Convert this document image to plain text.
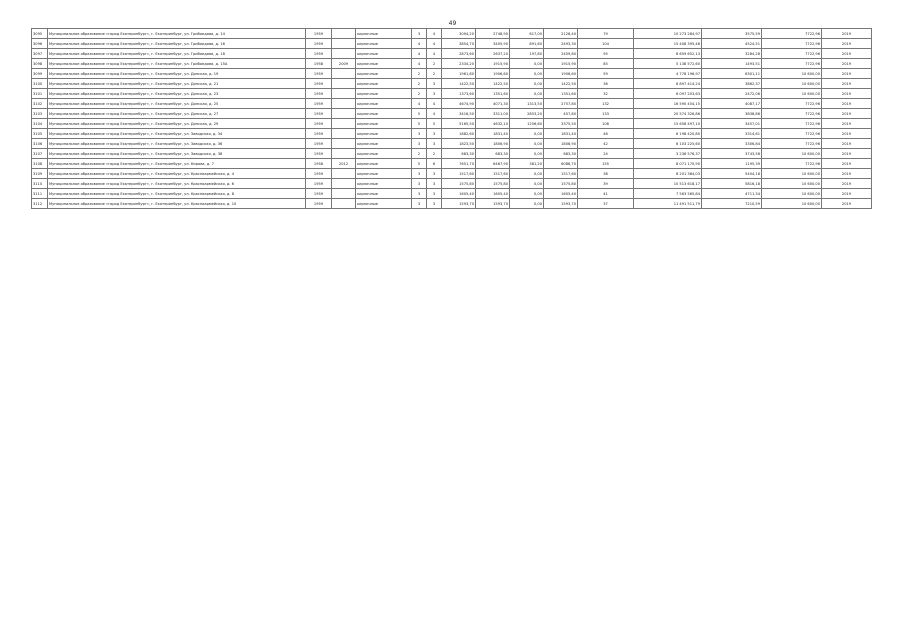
49
3095	Муниципальное образование «город Екатеринбург», г. Екатеринбург, ул. Грибоедова, д. 14	1959		кирпичные	3	4	3094,20	2748,90	617,00	2126,40	79	10 273 284,97	3575,59	7722,96	2019
3096	Муниципальное образование «город Екатеринбург», г. Екатеринбург, ул. Грибоедова, д. 16	1959		кирпичные	4	4	3854,70	3405,90	891,60	2493,30	104	15 408 395,46	4524,51	7722,96	2019
3097	Муниципальное образование «город Екатеринбург», г. Екатеринбург, ул. Грибоедова, д. 18	1959		кирпичные	4	4	2873,60	2637,20	197,80	2459,80	95	8 659 652,13	3284,28	7722,96	2019
3098	Муниципальное образование «город Екатеринбург», г. Екатеринбург, ул. Грибоедова, д. 15А	1958	2009	кирпичные	4	2	2334,20	1915,90	0,00	1915,90	85	5 138 572,60	1493,51	7722,96	2019
3099	Муниципальное образование «город Екатеринбург», г. Екатеринбург, ул. Донская, д. 19	1959		кирпичные	2	2	1961,80	1906,60	0,00	1906,60	59	4 778 196,97	6301,11	10 600,00	2019
3100	Муниципальное образование «город Екатеринбург», г. Екатеринбург, ул. Донская, д. 21	1959		кирпичные	2	3	1422,50	1422,50	0,00	1422,50	36	6 897 414,24	3862,37	10 600,00	2019
3101	Муниципальное образование «город Екатеринбург», г. Екатеринбург, ул. Донская, д. 23	1959		кирпичные	2	3	1373,60	1351,60	0,00	1351,60	32	6 097 203,63	2472,06	10 600,00	2019
3102	Муниципальное образование «город Екатеринбург», г. Екатеринбург, ул. Донская, д. 25	1959		кирпичные	4	4	4674,90	4071,30	1313,50	2757,80	132	16 590 454,15	4087,17	7722,96	2019
3103	Муниципальное образование «город Екатеринбург», г. Екатеринбург, ул. Донская, д. 27	1959		кирпичные	5	4	3416,50	3311,00	2853,20	457,80	133	20 574 326,86	3838,86	7722,96	2019
3104	Муниципальное образование «город Екатеринбург», г. Екатеринбург, ул. Донская, д. 29	1959		кирпичные	5	5	5165,50	4632,10	1256,60	3375,50	108	15 658 497,10	3457,01	7722,96	2019
3105	Муниципальное образование «город Екатеринбург», г. Екатеринбург, ул. Заводская, д. 34	1959		кирпичные	3	3	1882,60	1831,40	0,00	1831,40	46	6 198 420,80	3314,61	7722,96	2019
3106	Муниципальное образование «город Екатеринбург», г. Екатеринбург, ул. Заводская, д. 36	1959		кирпичные	3	3	1823,50	1806,90	0,00	1806,90	42	6 103 225,60	3306,84	7722,96	2019
3107	Муниципальное образование «город Екатеринбург», г. Екатеринбург, ул. Заводская, д. 38	1959		кирпичные	2	2	683,30	683,30	0,00	683,30	24	3 236 576,37	3743,58	10 600,00	2019
3108	Муниципальное образование «город Екатеринбург», г. Екатеринбург, ул. Кирова, д. 7	1958	2012	кирпичные	5	6	7651,70	6467,90	381,20	6086,70	155	8 071 170,90	1195,39	7722,96	2019
3109	Муниципальное образование «город Екатеринбург», г. Екатеринбург, ул. Красноармейская, д. 4	1959		кирпичные	3	3	1517,60	1517,60	0,00	1517,60	38	8 201 384,03	5404,18	10 600,00	2019
3110	Муниципальное образование «город Екатеринбург», г. Екатеринбург, ул. Красноармейская, д. 6	1959		кирпичные	3	3	1575,80	1575,80	0,00	1575,80	39	10 513 618,17	5816,18	10 600,00	2019
3111	Муниципальное образование «город Екатеринбург», г. Екатеринбург, ул. Красноармейская, д. 8	1959		кирпичные	3	3	1605,40	1605,40	0,00	1605,40	41	7 563 565,84	4711,34	10 600,00	2019
3112	Муниципальное образование «город Екатеринбург», г. Екатеринбург, ул. Красноармейская, д. 10	1959		кирпичные	3	3	1593,70	1593,70	0,00	1593,70	37	11 491 511,79	7210,59	10 600,00	2019
